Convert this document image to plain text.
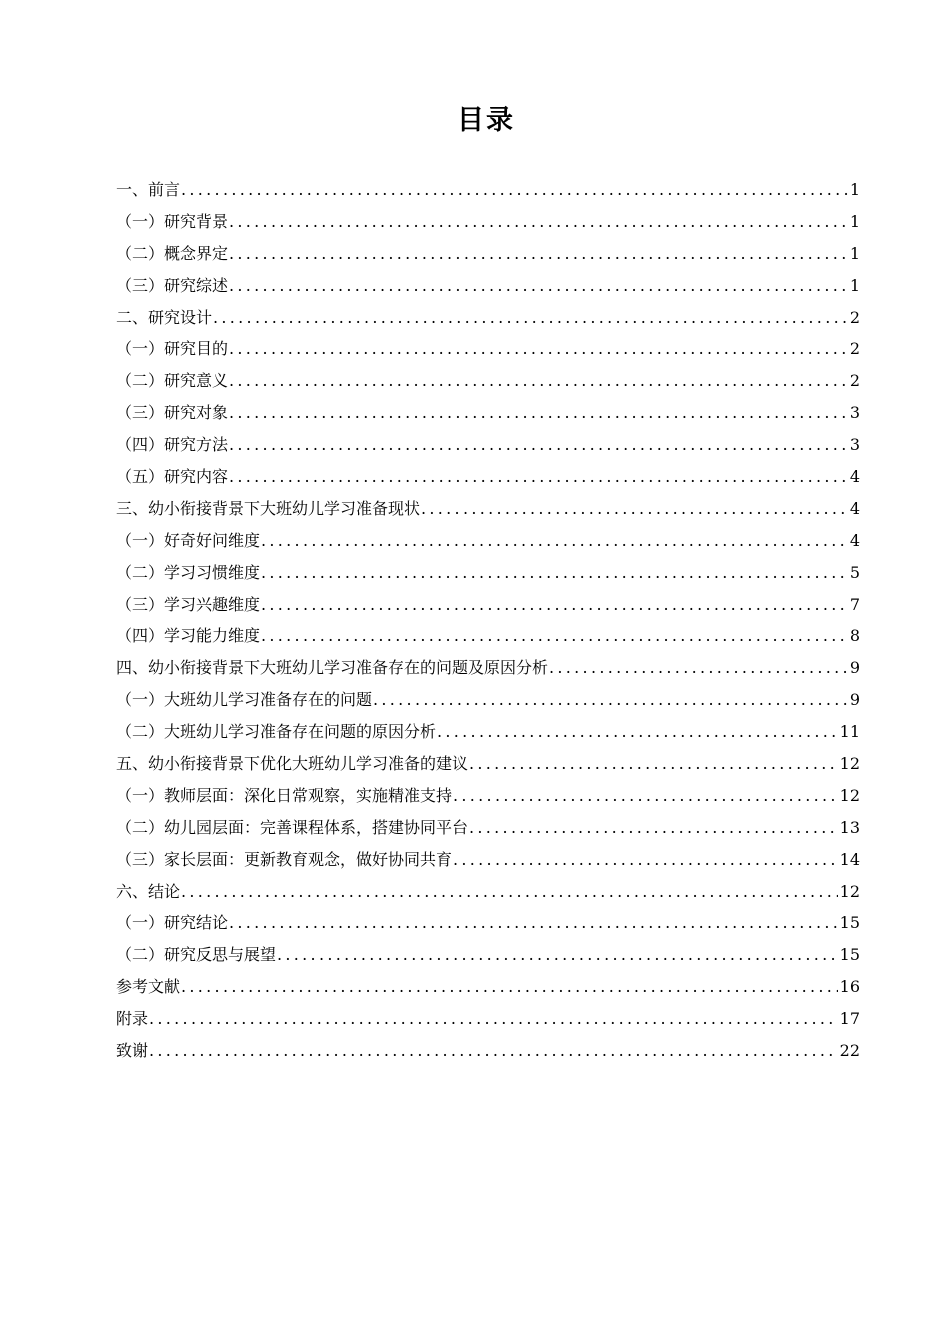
目录
一、前言 .....	1
（一）研究背景 .....	1
（二）概念界定 .....	1
（三）研究综述 .....	1
二、研究设计 .....	2
（一）研究目的 .....	2
（二）研究意义 .....	2
（三）研究对象 .....	3
（四）研究方法 .....	3
（五）研究内容 .....	4
三、幼小衔接背景下大班幼儿学习准备现状 .....	4
（一）好奇好问维度 .....	4
（二）学习习惯维度 .....	5
（三）学习兴趣维度 .....	7
（四）学习能力维度 .....	8
四、幼小衔接背景下大班幼儿学习准备存在的问题及原因分析 .....	9
（一）大班幼儿学习准备存在的问题 .....	9
（二）大班幼儿学习准备存在问题的原因分析 .....	11
五、幼小衔接背景下优化大班幼儿学习准备的建议 .....	12
（一）教师层面：深化日常观察，实施精准支持 .....	12
（二）幼儿园层面：完善课程体系，搭建协同平台 .....	13
（三）家长层面：更新教育观念，做好协同共育 .....	14
六、结论 .....	12
（一）研究结论 .....	15
（二）研究反思与展望 .....	15
参考文献 .....	16
附录 .....	17
致谢 .....	22
